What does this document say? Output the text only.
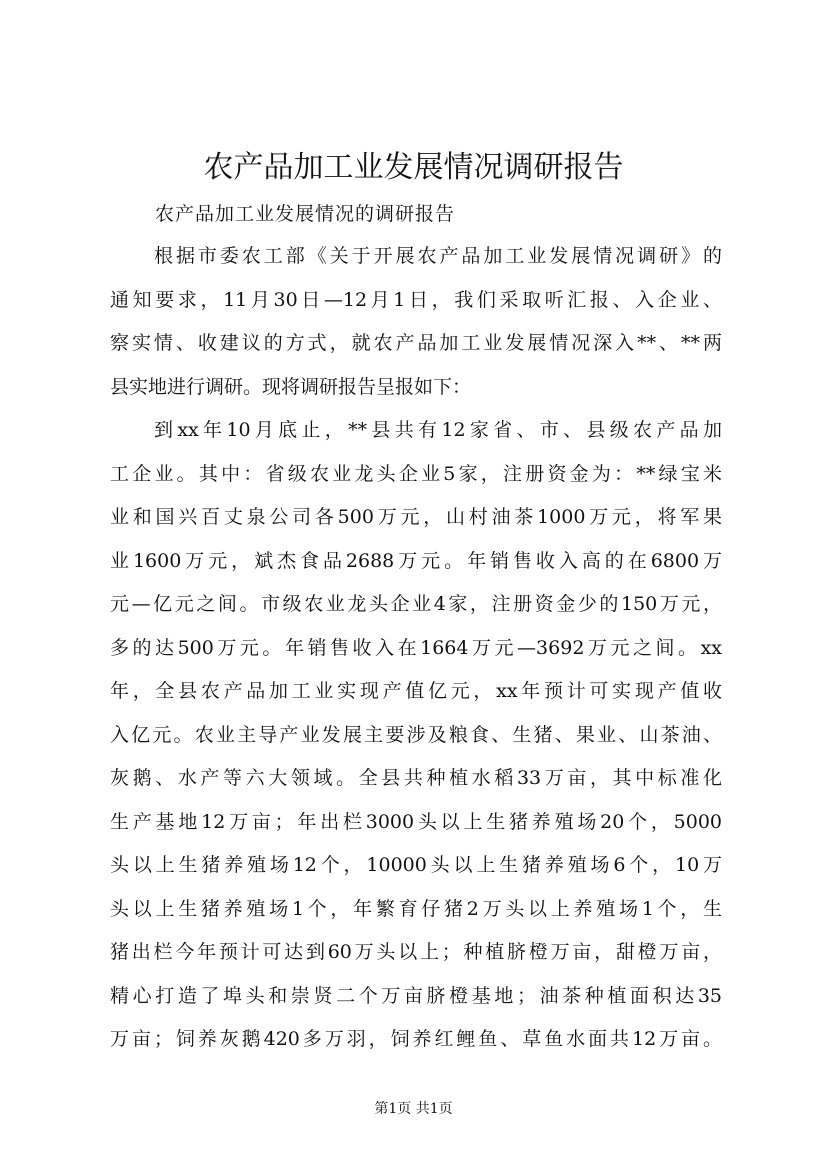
农产品加工业发展情况调研报告
农产品加工业发展情况的调研报告
根据市委农工部《关于开展农产品加工业发展情况调研》的
通知要求，11月30日—12月1日，我们采取听汇报、入企业、
察实情、收建议的方式，就农产品加工业发展情况深入**、**两
县实地进行调研。现将调研报告呈报如下：
到xx年10月底止，**县共有12家省、市、县级农产品加
工企业。其中：省级农业龙头企业5家，注册资金为：**绿宝米
业和国兴百丈泉公司各500万元，山村油茶1000万元，将军果
业1600万元，斌杰食品2688万元。年销售收入高的在6800万
元—亿元之间。市级农业龙头企业4家，注册资金少的150万元，
多的达500万元。年销售收入在1664万元—3692万元之间。xx
年，全县农产品加工业实现产值亿元，xx年预计可实现产值收
入亿元。农业主导产业发展主要涉及粮食、生猪、果业、山茶油、
灰鹅、水产等六大领域。全县共种植水稻33万亩，其中标准化
生产基地12万亩；年出栏3000头以上生猪养殖场20个，5000
头以上生猪养殖场12个，10000头以上生猪养殖场6个，10万
头以上生猪养殖场1个，年繁育仔猪2万头以上养殖场1个，生
猪出栏今年预计可达到60万头以上；种植脐橙万亩，甜橙万亩，
精心打造了埠头和崇贤二个万亩脐橙基地；油茶种植面积达35
万亩；饲养灰鹅420多万羽，饲养红鲤鱼、草鱼水面共12万亩。
第1页 共1页
